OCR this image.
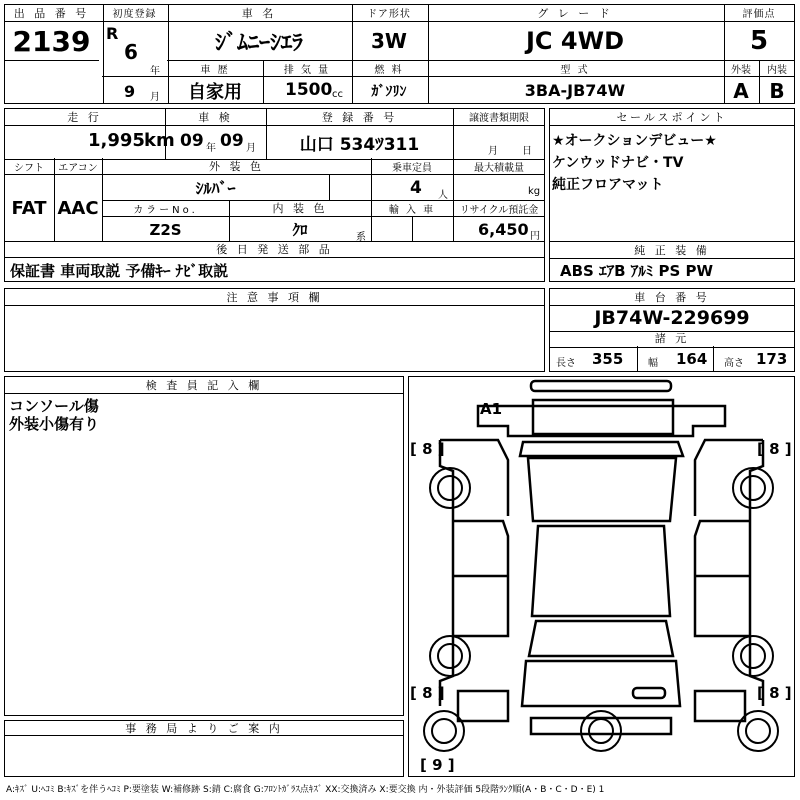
出 品 番 号
2139
初度登録
R
6
年
9 月
車 名
ｼﾞﾑﾆｰｼｴﾗ
ドア形状
3W
グ レ ー ド
JC 4WD
評価点
5
車 歴
自家用
排 気 量
1500 cc
燃 料
ｶﾞｿﾘﾝ
型 式
3BA-JB74W
外装	内装
A	B
走 行
1,995 km
車 検
09 年 09 月
登 録 番 号
山口 534ﾂ311
譲渡書類期限
月 日
シフト
FAT
エアコン
AAC
外 装 色
ｼﾙﾊﾞｰ
乗車定員
4 人
最大積載量
kg
カラーNo.
Z2S
内 装 色
ｸﾛ	系
輸 入 車	リサイクル預託金
6,450 円
後 日 発 送 部 品
保証書 車両取説 予備ｷｰ ﾅﾋﾞ取説
セールスポイント
★オークションデビュー★
ケンウッドナビ・TV
純正フロアマット
純 正 装 備
ABS ｴｱB ｱﾙﾐ PS PW
注 意 事 項 欄	車 台 番 号
JB74W-229699
諸 元
長さ 355 幅 164 高さ 173
検 査 員 記 入 欄
コンソール傷
外装小傷有り
事 務 局 よ り ご 案 内
A1
[ 8 ]	[ 8 ]
[ 8 ]	[ 8 ]
[ 9 ]
A:ｷｽﾞ U:ﾍｺﾐ B:ｷｽﾞを伴うﾍｺﾐ P:要塗装 W:補修跡 S:錆 C:腐食 G:ﾌﾛﾝﾄｶﾞﾗｽ点ｷｽﾞ XX:交換済み X:要交換 内・外装評価 5段階ﾗﾝｸ順(A・B・C・D・E) 1
